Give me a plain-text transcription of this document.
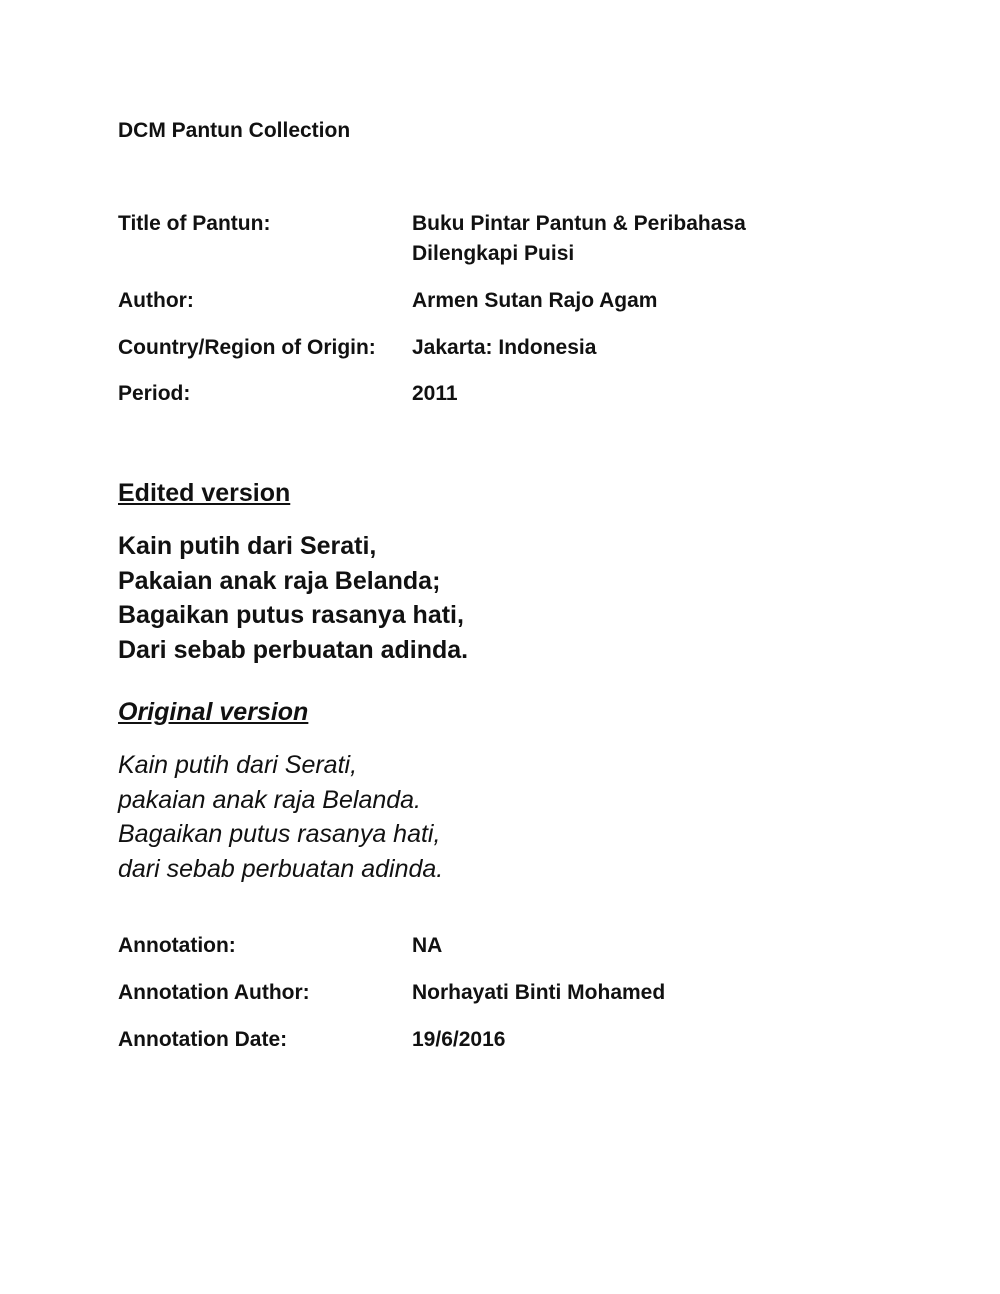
DCM Pantun Collection
Title of Pantun:	Buku Pintar Pantun & Peribahasa
Dilengkapi Puisi
Author:	Armen Sutan Rajo Agam
Country/Region of Origin: Jakarta: Indonesia
Period:	2011
Edited version
Kain putih dari Serati,
Pakaian anak raja Belanda;
Bagaikan putus rasanya hati,
Dari sebab perbuatan adinda.
Original version
Kain putih dari Serati,
pakaian anak raja Belanda.
Bagaikan putus rasanya hati,
dari sebab perbuatan adinda.
Annotation:	NA
Annotation Author:	Norhayati Binti Mohamed
Annotation Date:	19/6/2016
